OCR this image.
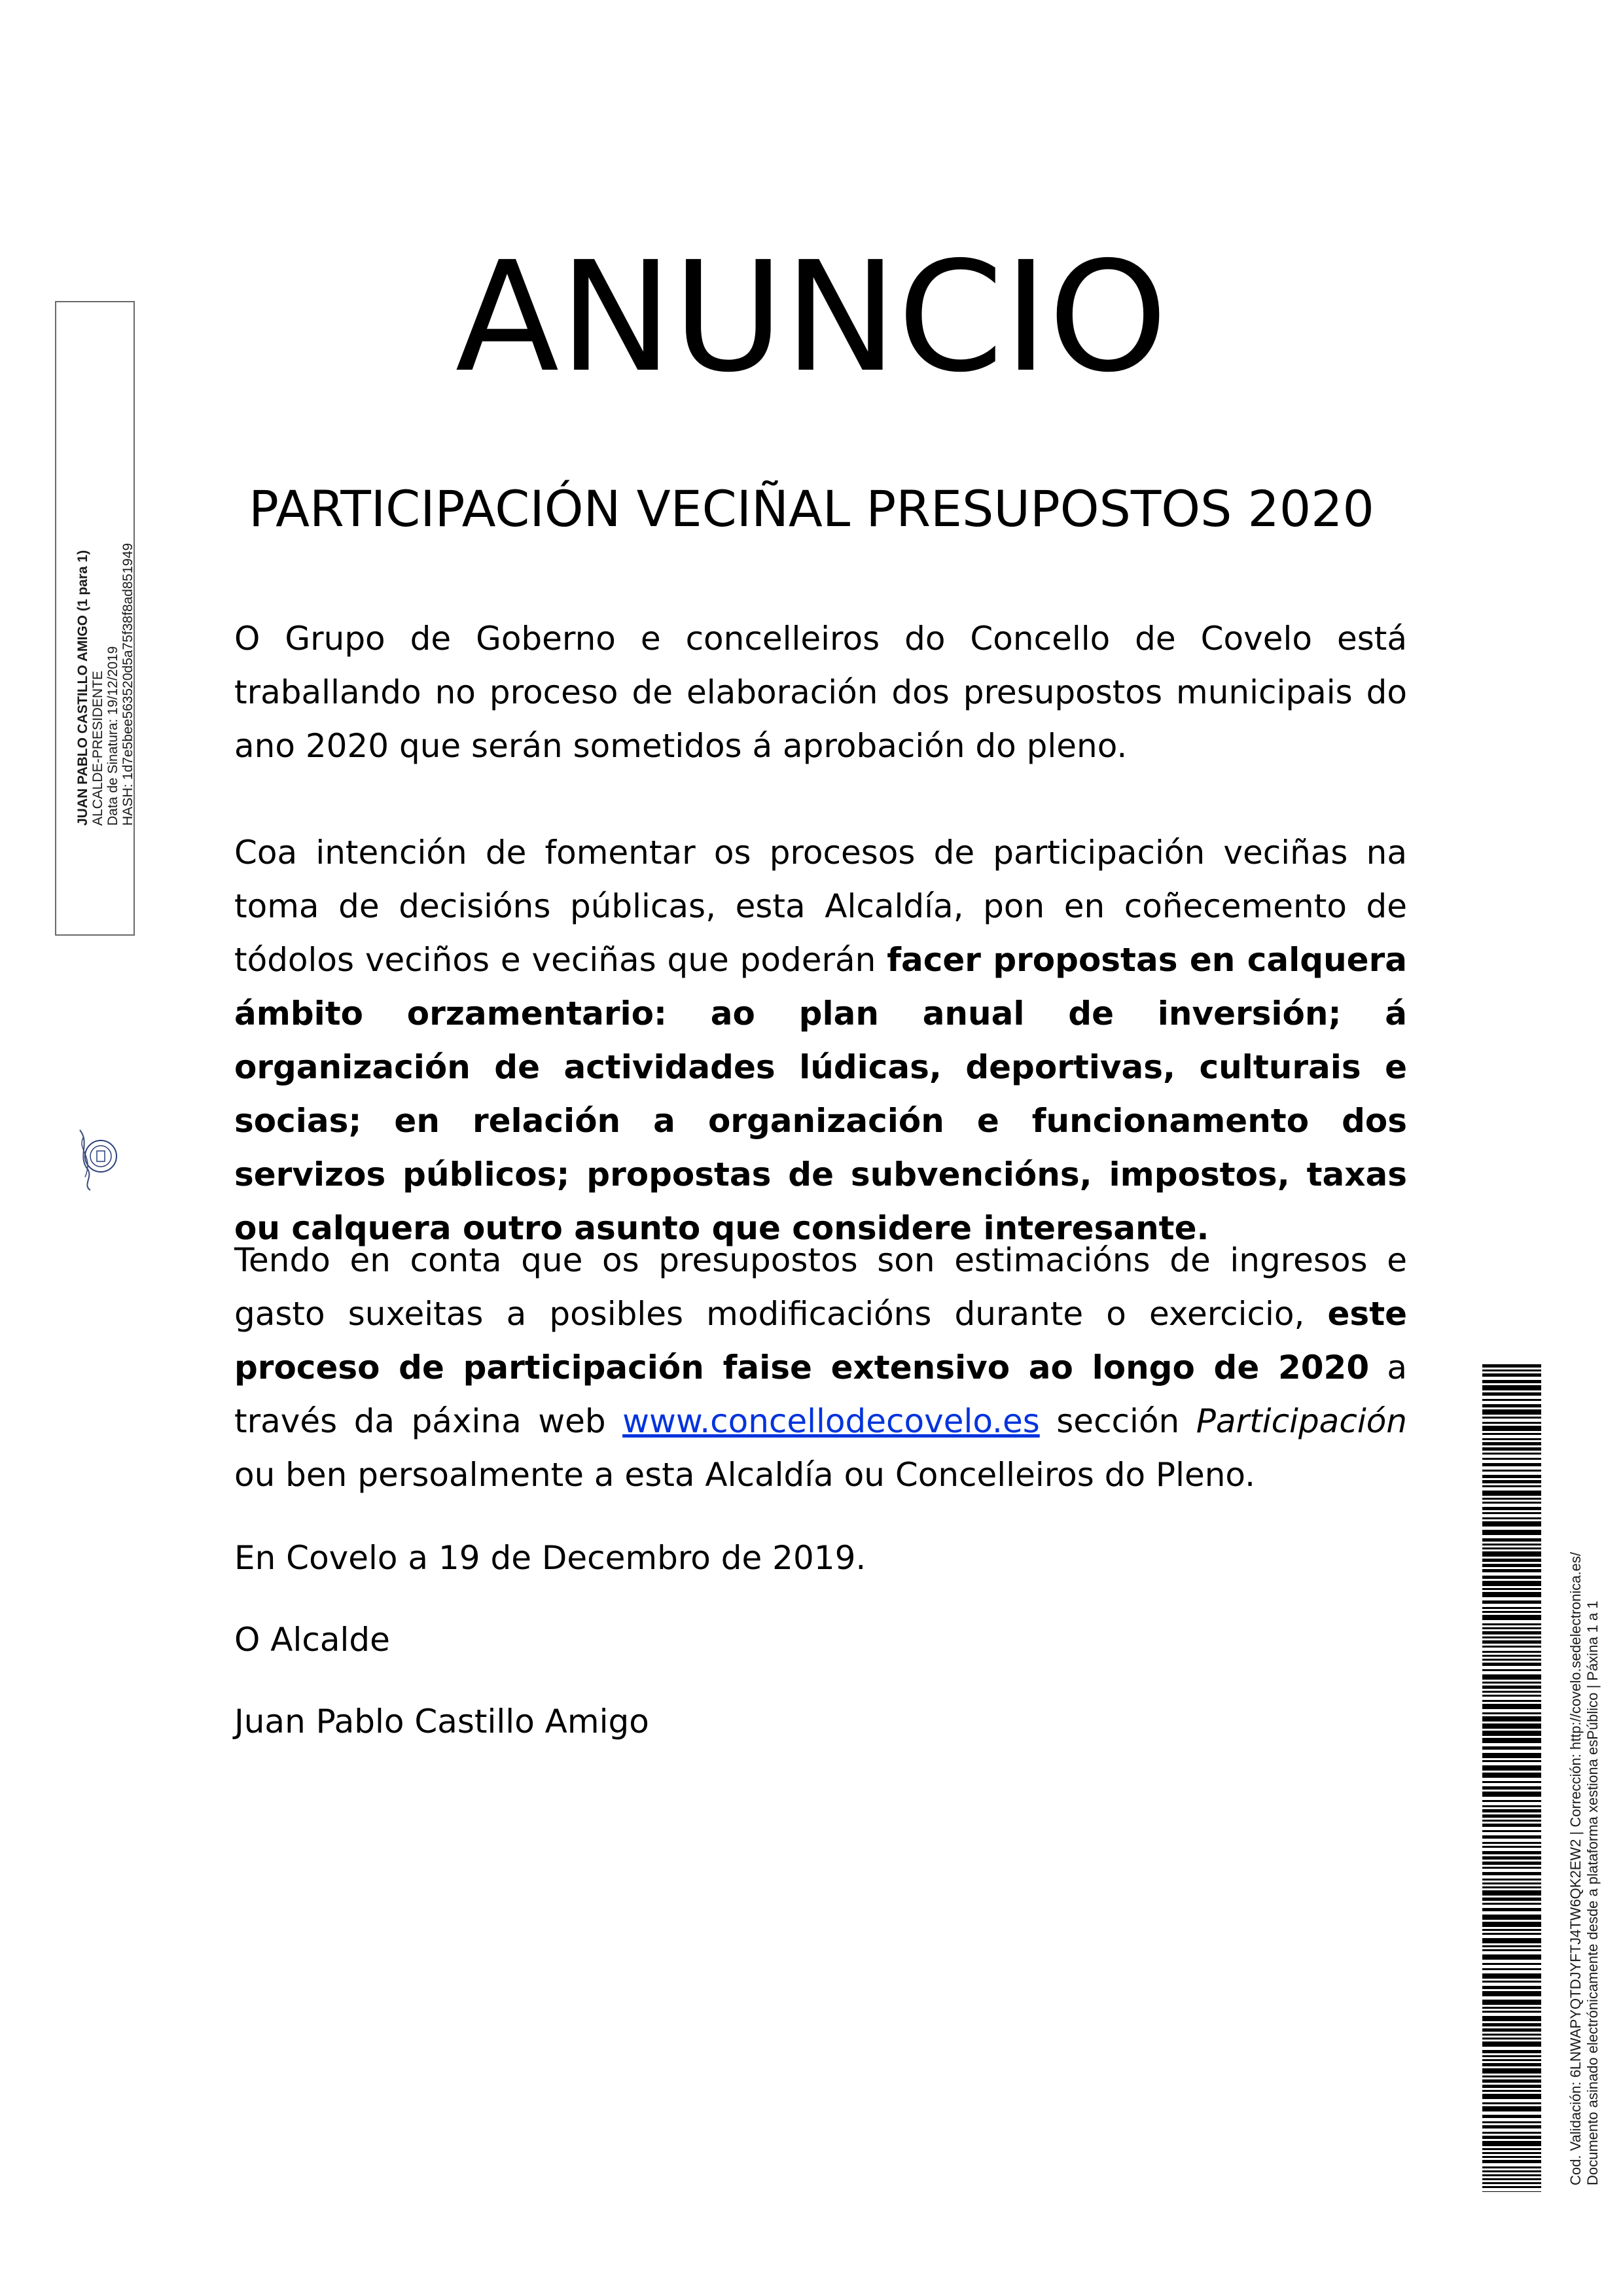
JUAN PABLO CASTILLO AMIGO (1 para 1) ALCALDE-PRESIDENTE Data de Sinatura: 19/12/2019 HASH: 1d7e5bee563520d5a75f38f8ad851949
ANUNCIO
PARTICIPACIÓN VECIÑAL PRESUPOSTOS 2020

O Grupo de Goberno e concelleiros do Concello de Covelo está traballando no proceso de elaboración dos presupostos municipais do ano 2020 que serán sometidos á aprobación do pleno.

Coa intención de fomentar os procesos de participación veciñas na toma de decisións públicas, esta Alcaldía, pon en coñecemento de tódolos veciños e veciñas que poderán facer propostas en calquera ámbito orzamentario: ao plan anual de inversión; á organización de actividades lúdicas, deportivas, culturais e socias; en relación a organización e funcionamento dos servizos públicos; propostas de subvencións, impostos, taxas ou calquera outro asunto que considere interesante.

Tendo en conta que os presupostos son estimacións de ingresos e gasto suxeitas a posibles modificacións durante o exercicio, este proceso de participación faise extensivo ao longo de 2020 a través da páxina web www.concellodecovelo.es sección Participación ou ben persoalmente a esta Alcaldía ou Concelleiros do Pleno.

En Covelo a 19 de Decembro de 2019.

O Alcalde

Juan Pablo Castillo Amigo	Cod. Validación: 6LNWAPYQTDJYFTJ4TW6QK2EW2 | Corrección: http://covelo.sedelectronica.es/ Documento asinado electrónicamente desde a plataforma xestiona esPúblico | Páxina 1 a 1
